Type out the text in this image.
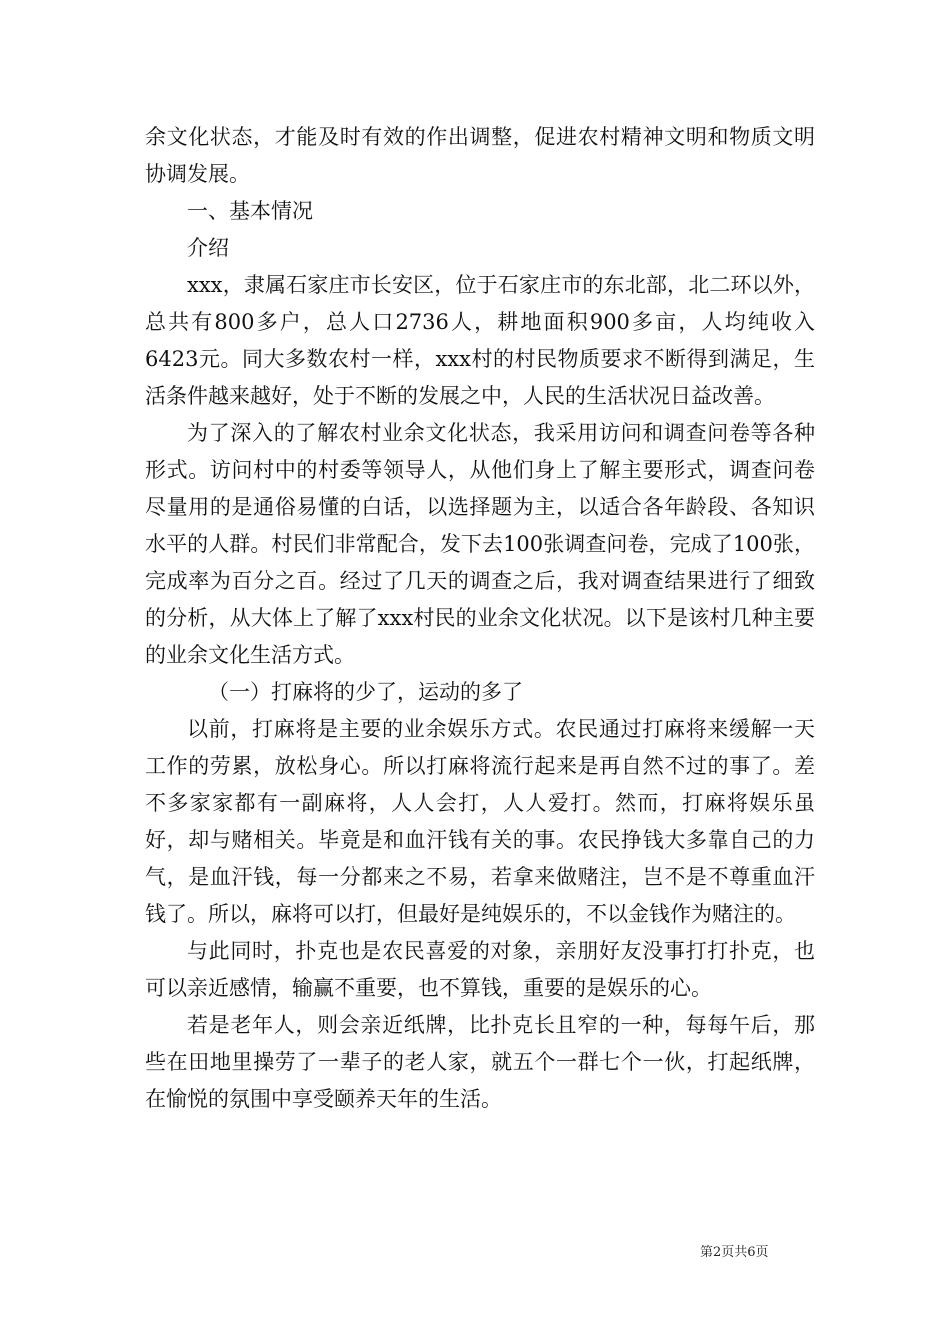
余文化状态，才能及时有效的作出调整，促进农村精神文明和物质文明协调发展。

一、基本情况

介绍

xxx，隶属石家庄市长安区，位于石家庄市的东北部，北二环以外，总共有800多户，总人口2736人，耕地面积900多亩，人均纯收入6423元。同大多数农村一样，xxx村的村民物质要求不断得到满足，生活条件越来越好，处于不断的发展之中，人民的生活状况日益改善。

为了深入的了解农村业余文化状态，我采用访问和调查问卷等各种形式。访问村中的村委等领导人，从他们身上了解主要形式，调查问卷尽量用的是通俗易懂的白话，以选择题为主，以适合各年龄段、各知识水平的人群。村民们非常配合，发下去100张调查问卷，完成了100张，完成率为百分之百。经过了几天的调查之后，我对调查结果进行了细致的分析，从大体上了解了xxx村民的业余文化状况。以下是该村几种主要的业余文化生活方式。

（一）打麻将的少了，运动的多了

以前，打麻将是主要的业余娱乐方式。农民通过打麻将来缓解一天工作的劳累，放松身心。所以打麻将流行起来是再自然不过的事了。差不多家家都有一副麻将，人人会打，人人爱打。然而，打麻将娱乐虽好，却与赌相关。毕竟是和血汗钱有关的事。农民挣钱大多靠自己的力气，是血汗钱，每一分都来之不易，若拿来做赌注，岂不是不尊重血汗钱了。所以，麻将可以打，但最好是纯娱乐的，不以金钱作为赌注的。

与此同时，扑克也是农民喜爱的对象，亲朋好友没事打打扑克，也可以亲近感情，输赢不重要，也不算钱，重要的是娱乐的心。

若是老年人，则会亲近纸牌，比扑克长且窄的一种，每每午后，那些在田地里操劳了一辈子的老人家，就五个一群七个一伙，打起纸牌，在愉悦的氛围中享受颐养天年的生活。

第2页共6页
